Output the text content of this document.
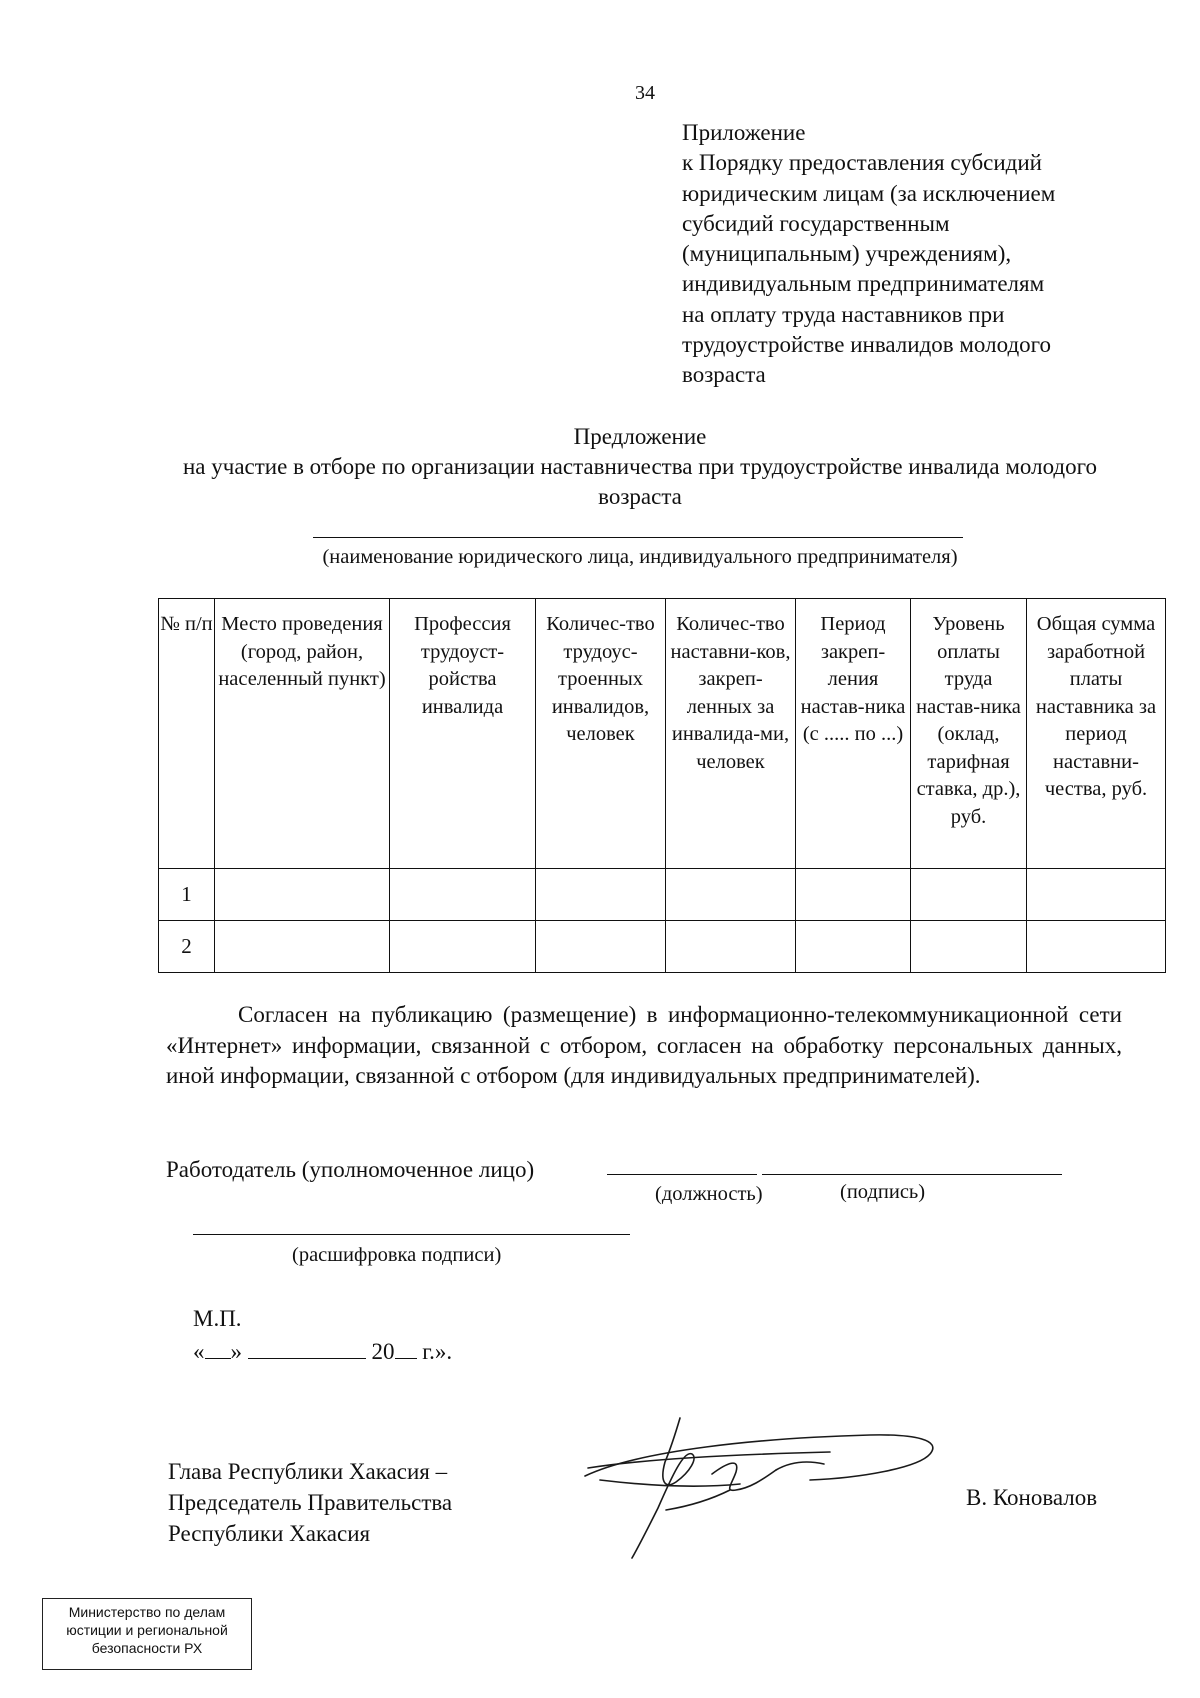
34
Приложение
к Порядку предоставления субсидий
юридическим лицам (за исключением
субсидий государственным
(муниципальным) учреждениям),
индивидуальным предпринимателям
на оплату труда наставников при
трудоустройстве инвалидов молодого
возраста
Предложение
на участие в отборе по организации наставничества при трудоустройстве инвалида молодого возраста
(наименование юридического лица, индивидуального предпринимателя)
№ п/п	Место проведения (город, район, населенный пункт)	Профессия трудоуст-ройства инвалида	Количес-тво трудоус-троенных инвалидов, человек	Количес-тво наставни-ков, закреп-ленных за инвалида-ми, человек	Период закреп-ления настав-ника (с ..... по ...)	Уровень оплаты труда настав-ника (оклад, тарифная ставка, др.), руб.	Общая сумма заработной платы наставника за период наставни-чества, руб.
1							
2							

Согласен на публикацию (размещение) в информационно-телекоммуникационной сети «Интернет» информации, связанной с отбором, согласен на обработку персональных данных, иной информации, связанной с отбором (для индивидуальных предпринимателей).

Работодатель (уполномоченное лицо)
(должность)	(подпись)
(расшифровка подписи)
М.П.
« »	20 г.».
Глава Республики Хакасия –
Председатель Правительства
Республики Хакасия
В. Коновалов
Министерство по делам
юстиции и региональной
безопасности РХ
